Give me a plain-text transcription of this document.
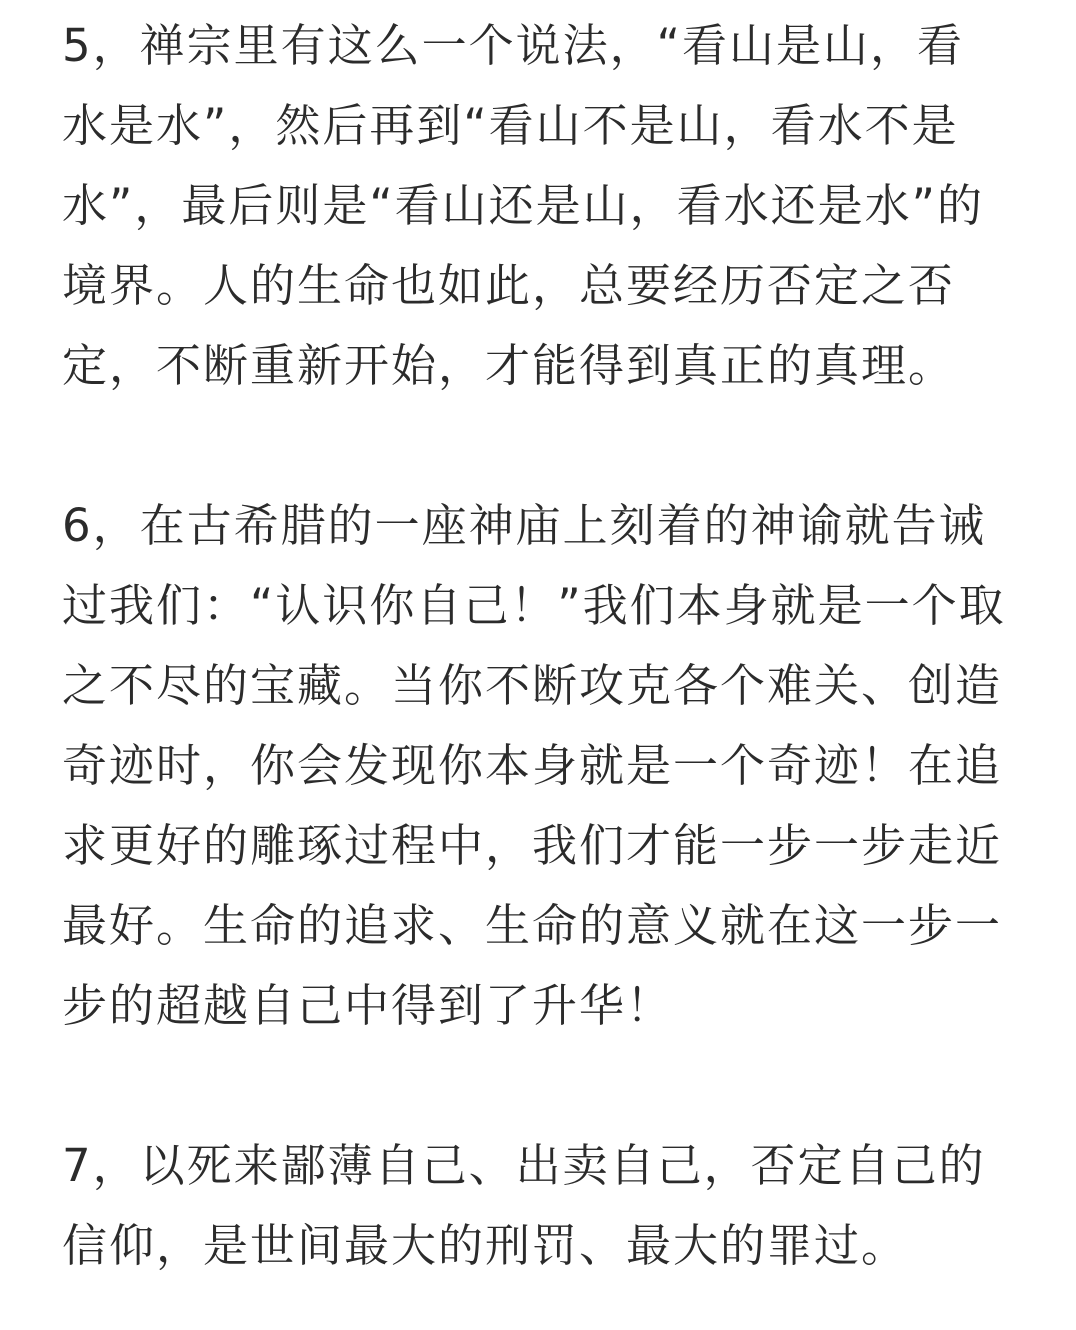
5，禅宗里有这么一个说法，“看山是山，看
水是水”，然后再到“看山不是山，看水不是
水”，最后则是“看山还是山，看水还是水”的
境界。人的生命也如此，总要经历否定之否
定，不断重新开始，才能得到真正的真理。
6，在古希腊的一座神庙上刻着的神谕就告诫
过我们：“认识你自己！”我们本身就是一个取
之不尽的宝藏。当你不断攻克各个难关、创造
奇迹时，你会发现你本身就是一个奇迹！在追
求更好的雕琢过程中，我们才能一步一步走近
最好。生命的追求、生命的意义就在这一步一
步的超越自己中得到了升华！
7，以死来鄙薄自己、出卖自己，否定自己的
信仰，是世间最大的刑罚、最大的罪过。
